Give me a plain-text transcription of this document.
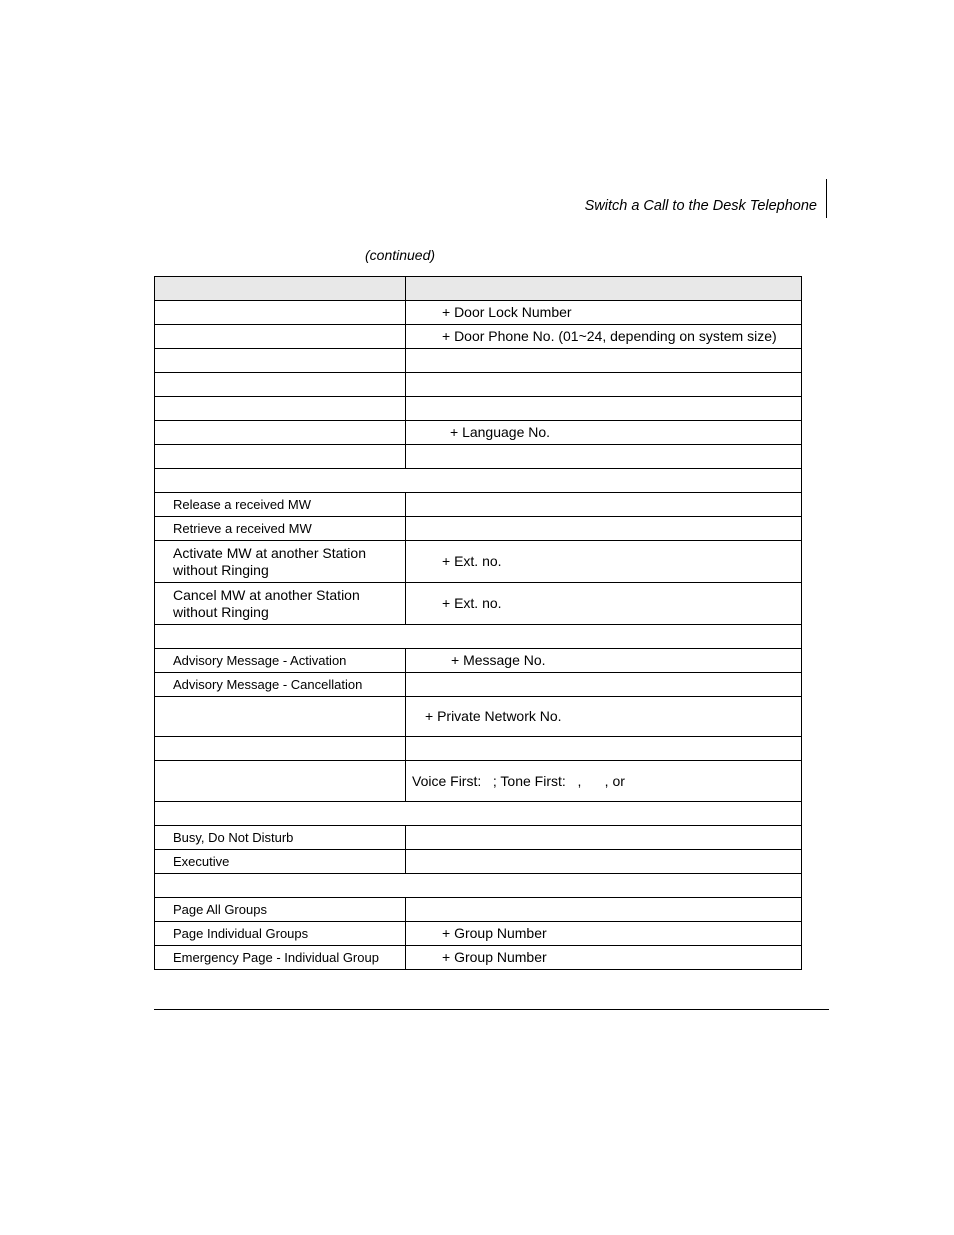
Switch a Call to the Desk Telephone
(continued)

	+ Door Lock Number
	+ Door Phone No. (01~24, depending on system size)

	+ Language No.

Release a received MW	
Retrieve a received MW	
Activate MW at another Station without Ringing	+ Ext. no.
Cancel MW at another Station without Ringing	+ Ext. no.

Advisory Message - Activation	+ Message No.
Advisory Message - Cancellation	
	+ Private Network No.

	Voice First:   ; Tone First:   ,      , or

Busy, Do Not Disturb	
Executive	

Page All Groups	
Page Individual Groups	+ Group Number
Emergency Page - Individual Group	+ Group Number
